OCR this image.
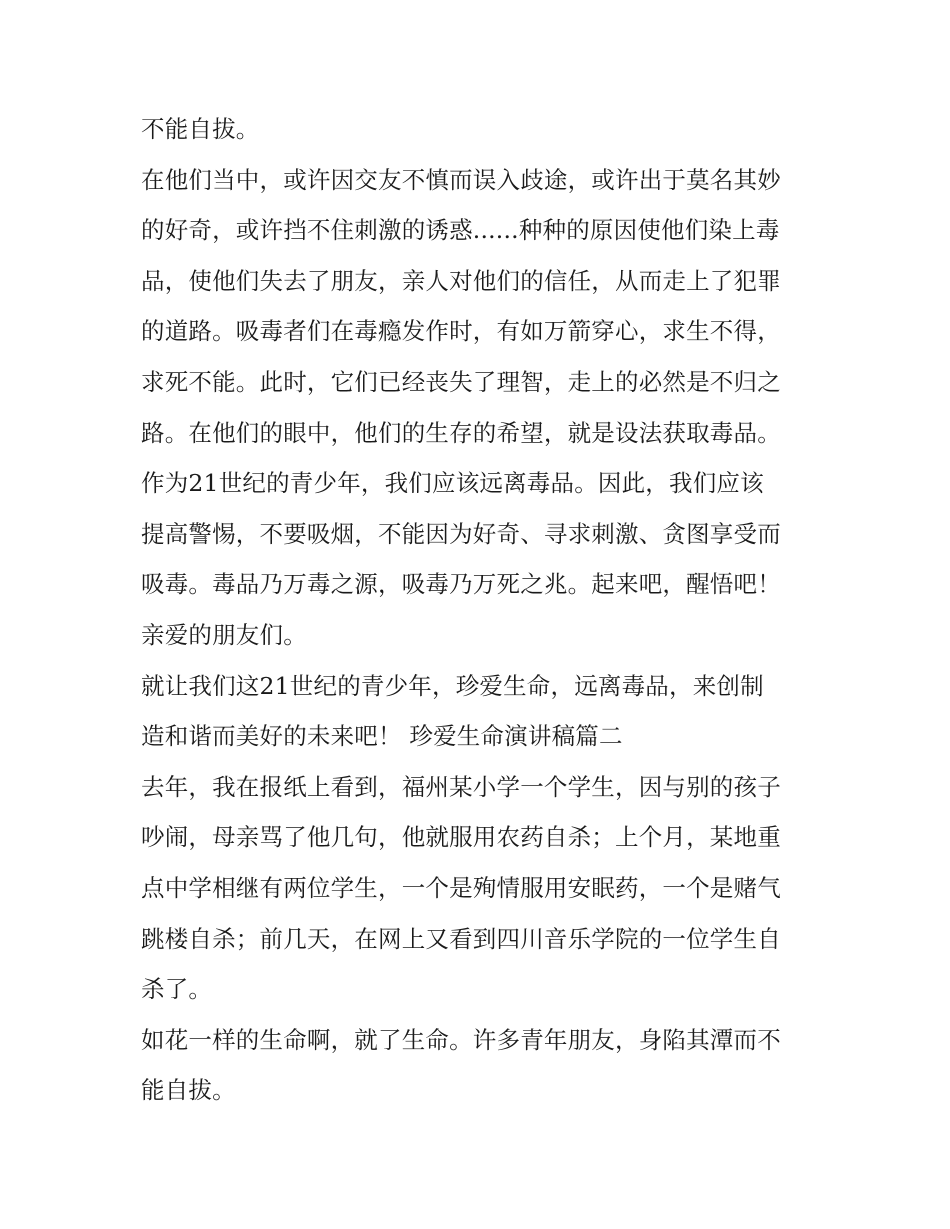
不能自拔。
在他们当中，或许因交友不慎而误入歧途，或许出于莫名其妙
的好奇，或许挡不住刺激的诱惑......种种的原因使他们染上毒
品，使他们失去了朋友，亲人对他们的信任，从而走上了犯罪
的道路。吸毒者们在毒瘾发作时，有如万箭穿心，求生不得，
求死不能。此时，它们已经丧失了理智，走上的必然是不归之
路。在他们的眼中，他们的生存的希望，就是设法获取毒品。
作为21世纪的青少年，我们应该远离毒品。因此，我们应该
提高警惕，不要吸烟，不能因为好奇、寻求刺激、贪图享受而
吸毒。毒品乃万毒之源，吸毒乃万死之兆。起来吧，醒悟吧！
亲爱的朋友们。
就让我们这21世纪的青少年，珍爱生命，远离毒品，来创制
造和谐而美好的未来吧！ 珍爱生命演讲稿篇二
去年，我在报纸上看到，福州某小学一个学生，因与别的孩子
吵闹，母亲骂了他几句，他就服用农药自杀；上个月，某地重
点中学相继有两位学生，一个是殉情服用安眠药，一个是赌气
跳楼自杀；前几天，在网上又看到四川音乐学院的一位学生自
杀了。
如花一样的生命啊，就了生命。许多青年朋友，身陷其潭而不
能自拔。
